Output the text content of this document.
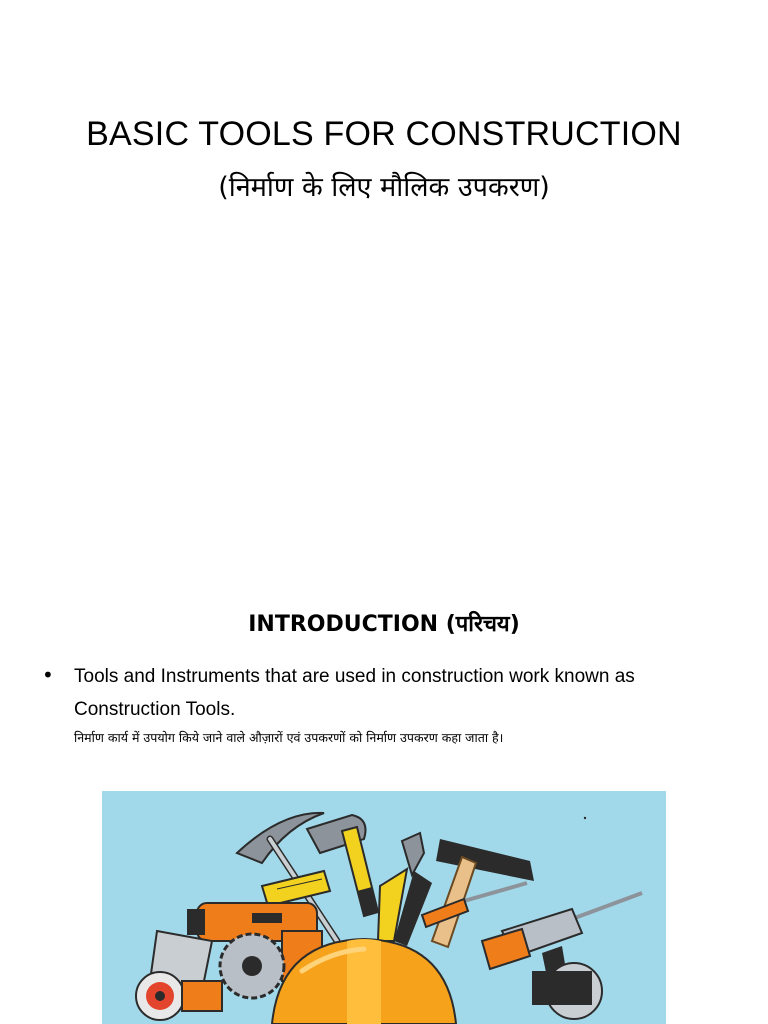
BASIC TOOLS FOR CONSTRUCTION
(निर्माण के लिए मौलिक उपकरण)
INTRODUCTION (परिचय)
• Tools and Instruments that are used in construction work known as Construction Tools.
निर्माण कार्य में उपयोग किये जाने वाले औज़ारों एवं उपकरणों को निर्माण उपकरण कहा जाता है।
